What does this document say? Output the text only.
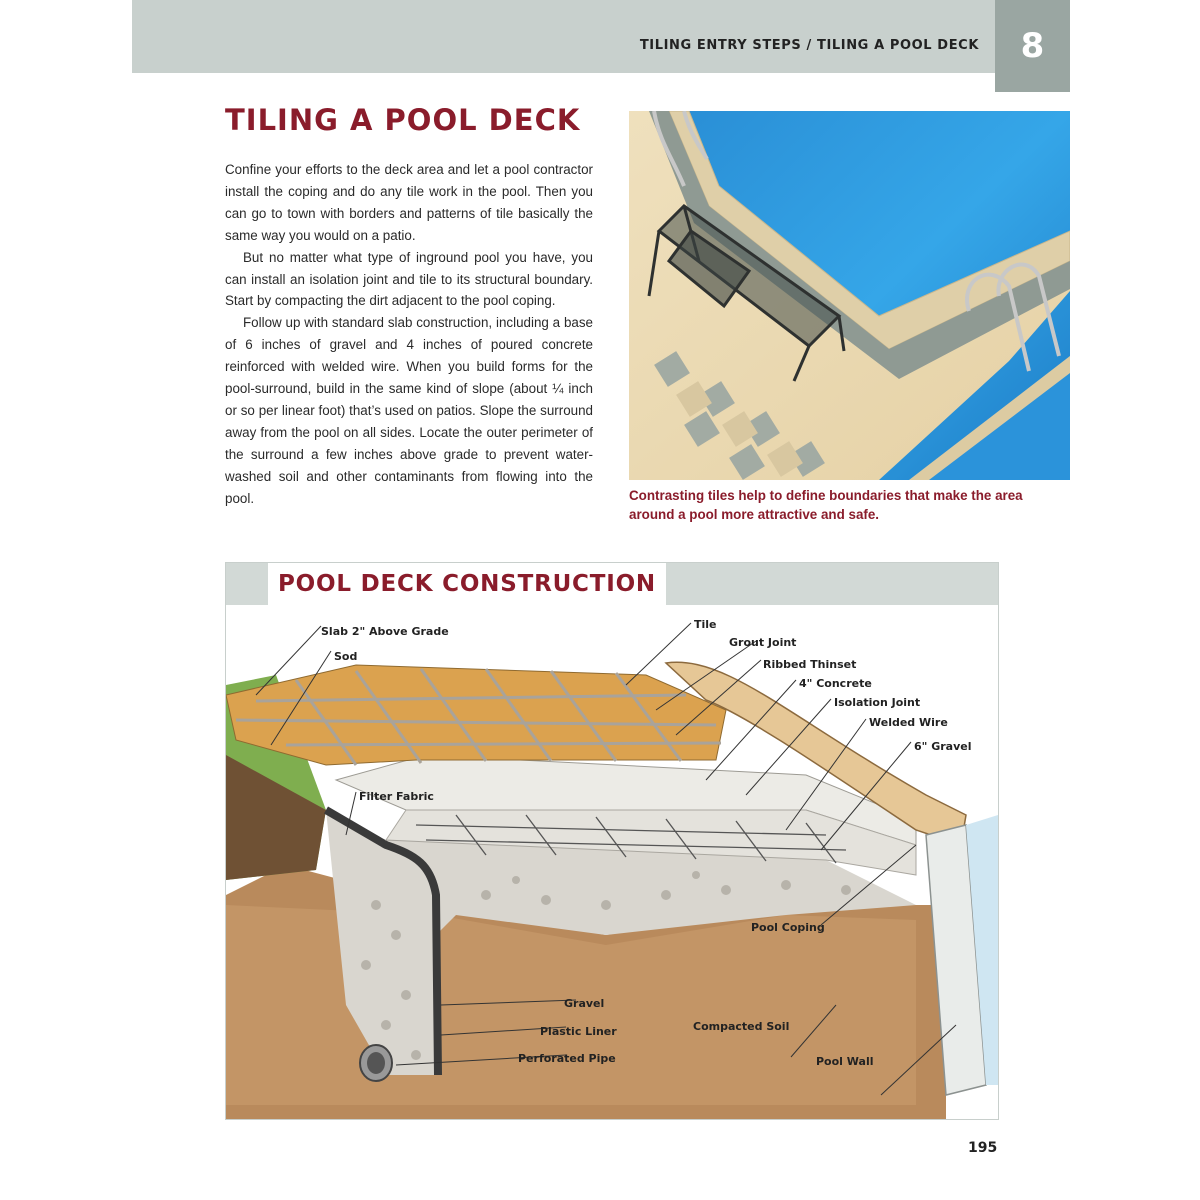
TILING ENTRY STEPS / TILING A POOL DECK	8
TILING A POOL DECK

Confine your efforts to the deck area and let a pool contractor install the coping and do any tile work in the pool. Then you can go to town with borders and patterns of tile basically the same way you would on a patio.

But no matter what type of inground pool you have, you can install an isolation joint and tile to its structural boundary. Start by compacting the dirt adjacent to the pool coping.

Follow up with standard slab construction, including a base of 6 inches of gravel and 4 inches of poured concrete reinforced with welded wire. When you build forms for the pool-surround, build in the same kind of slope (about ¼ inch or so per linear foot) that’s used on patios. Slope the surround away from the pool on all sides. Locate the outer perimeter of the surround a few inches above grade to prevent water-washed soil and other contaminants from flowing into the pool.	Contrasting tiles help to define boundaries that make the area around a pool more attractive and safe.
POOL DECK CONSTRUCTION
Slab 2" Above Grade
Sod
Tile
Grout Joint
Ribbed Thinset
4" Concrete
Isolation Joint
Welded Wire
6" Gravel
Filter Fabric
Pool Coping
Gravel
Plastic Liner
Perforated Pipe
Compacted Soil
Pool Wall
195
